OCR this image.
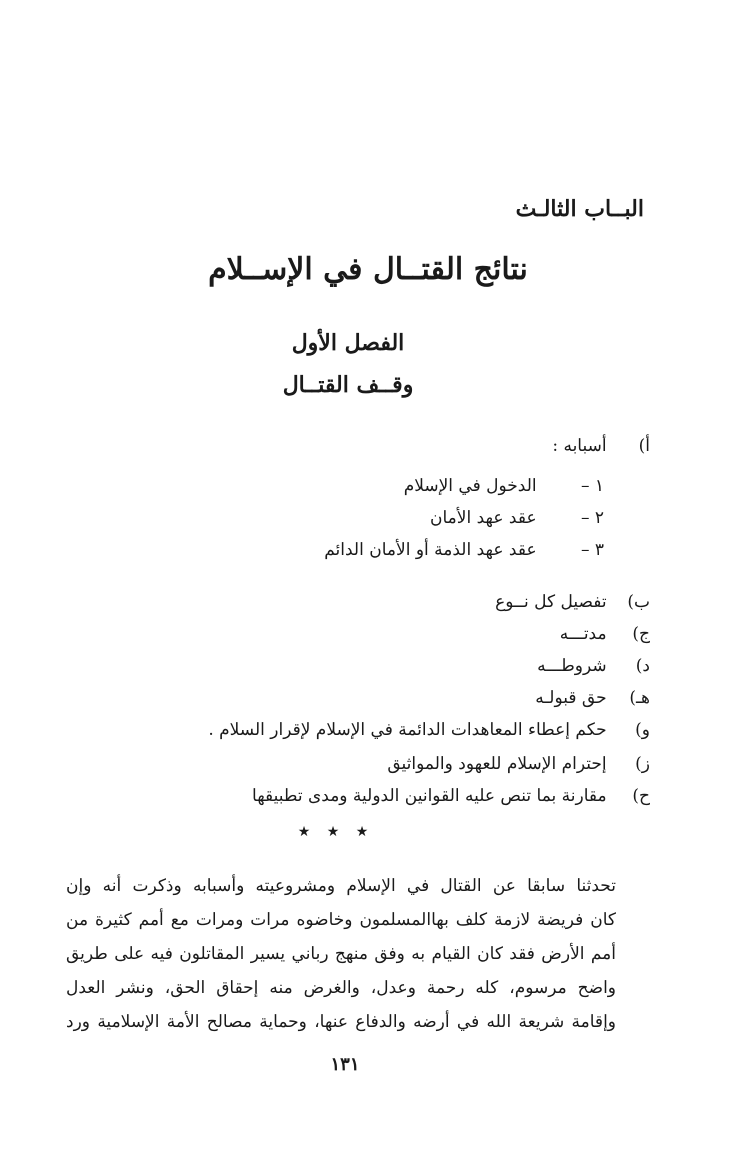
البــاب الثالـث
نتائج القتــال في الإســلام
الفصل الأول
وقــف القتــال
أ) أسبابه :
١ – الدخول في الإسلام
٢ – عقد عهد الأمان
٣ – عقد عهد الذمة أو الأمان الدائم
ب) تفصيل كل نــوع
ج) مدتـــه
د) شروطـــه
هـ) حق قبولـه
و) حكم إعطاء المعاهدات الدائمة في الإسلام لإقرار السلام .
ز) إحترام الإسلام للعهود والمواثيق
ح) مقارنة بما تنص عليه القوانين الدولية ومدى تطبيقها
★ ★ ★
تحدثنا سابقا عن القتال في الإسلام ومشروعيته وأسبابه وذكرت أنه وإن
كان فريضة لازمة كلف بهاالمسلمون وخاضوه مرات ومرات مع أمم كثيرة من
أمم الأرض فقد كان القيام به وفق منهج رباني يسير المقاتلون فيه على طريق
واضح مرسوم، كله رحمة وعدل، والغرض منه إحقاق الحق، ونشر العدل
وإقامة شريعة الله في أرضه والدفاع عنها، وحماية مصالح الأمة الإسلامية ورد
١٣١
